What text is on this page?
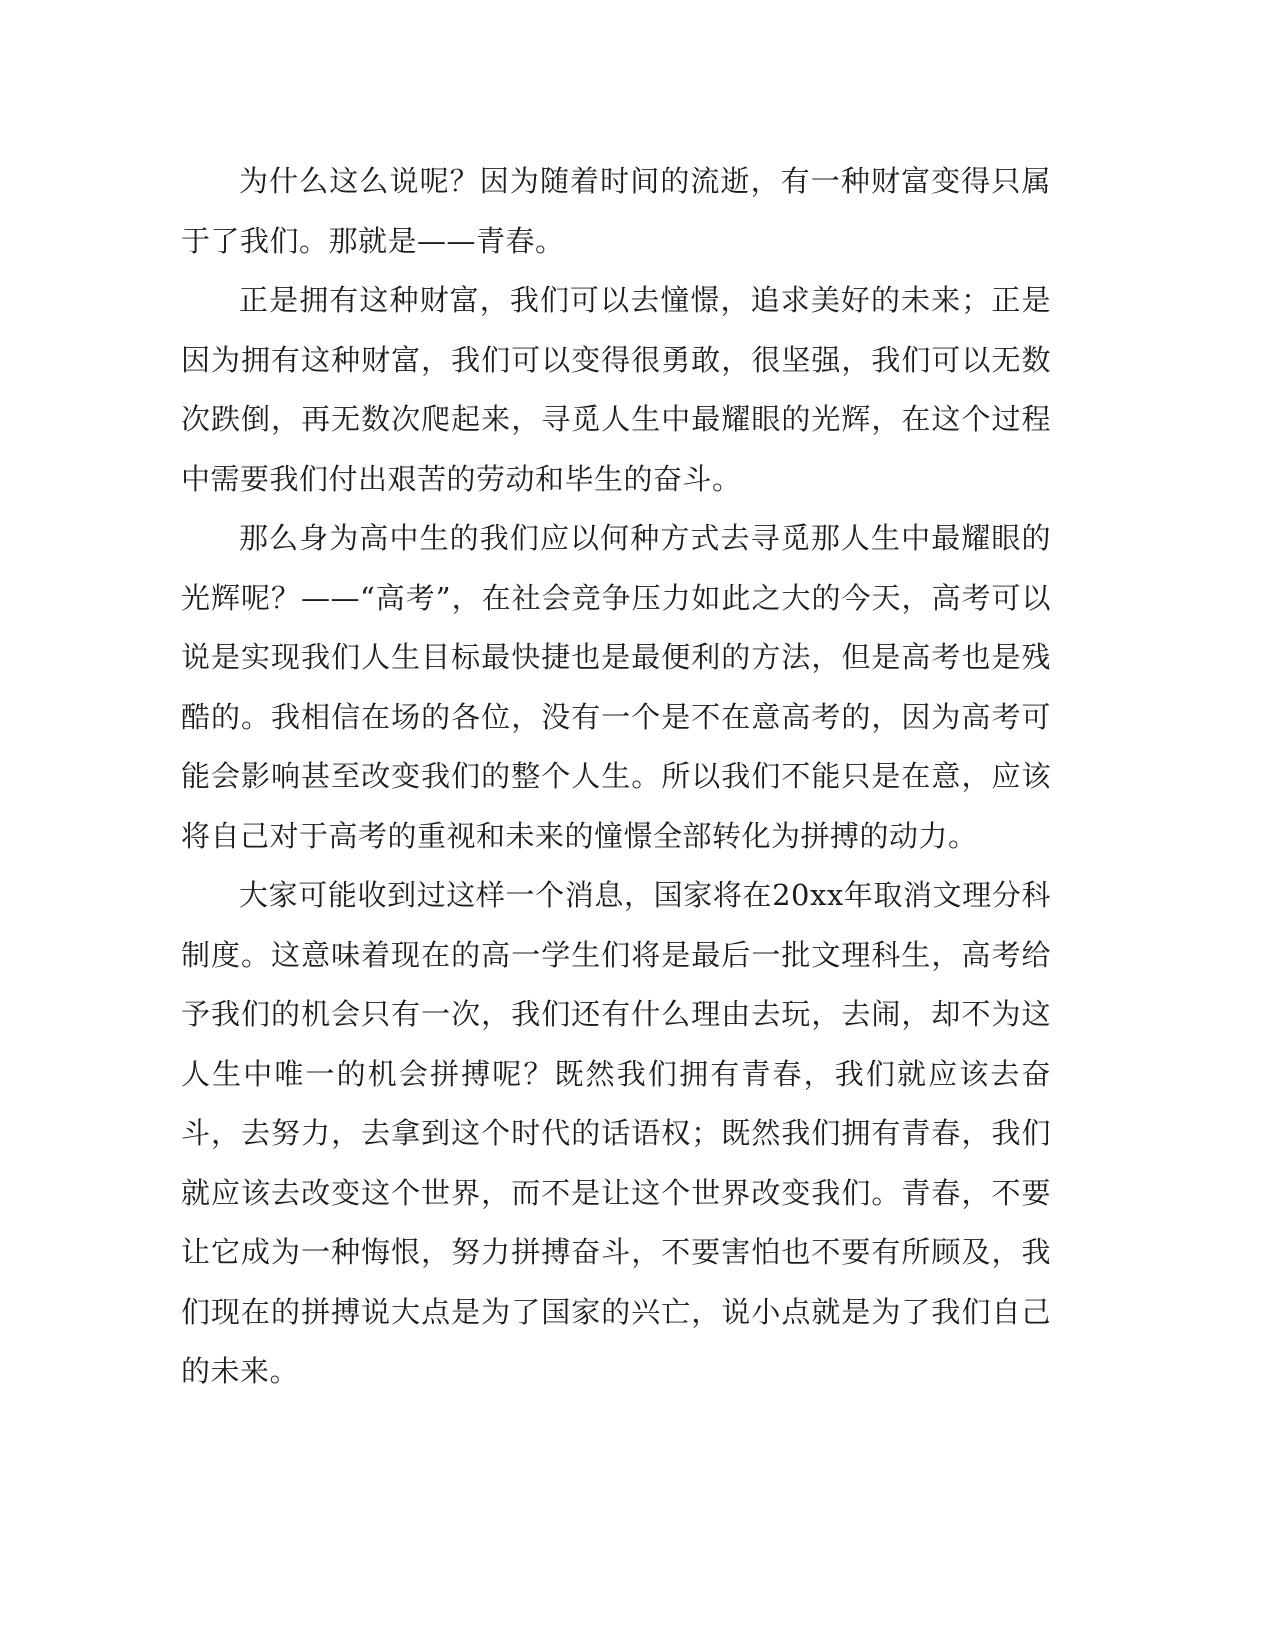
为什么这么说呢？因为随着时间的流逝，有一种财富变得只属于了我们。那就是——青春。

正是拥有这种财富，我们可以去憧憬，追求美好的未来；正是因为拥有这种财富，我们可以变得很勇敢，很坚强，我们可以无数次跌倒，再无数次爬起来，寻觅人生中最耀眼的光辉，在这个过程中需要我们付出艰苦的劳动和毕生的奋斗。

那么身为高中生的我们应以何种方式去寻觅那人生中最耀眼的光辉呢？——“高考”，在社会竞争压力如此之大的今天，高考可以说是实现我们人生目标最快捷也是最便利的方法，但是高考也是残酷的。我相信在场的各位，没有一个是不在意高考的，因为高考可能会影响甚至改变我们的整个人生。所以我们不能只是在意，应该将自己对于高考的重视和未来的憧憬全部转化为拼搏的动力。

大家可能收到过这样一个消息，国家将在20xx年取消文理分科制度。这意味着现在的高一学生们将是最后一批文理科生，高考给予我们的机会只有一次，我们还有什么理由去玩，去闹，却不为这人生中唯一的机会拼搏呢？既然我们拥有青春，我们就应该去奋斗，去努力，去拿到这个时代的话语权；既然我们拥有青春，我们就应该去改变这个世界，而不是让这个世界改变我们。青春，不要让它成为一种悔恨，努力拼搏奋斗，不要害怕也不要有所顾及，我们现在的拼搏说大点是为了国家的兴亡，说小点就是为了我们自己的未来。
